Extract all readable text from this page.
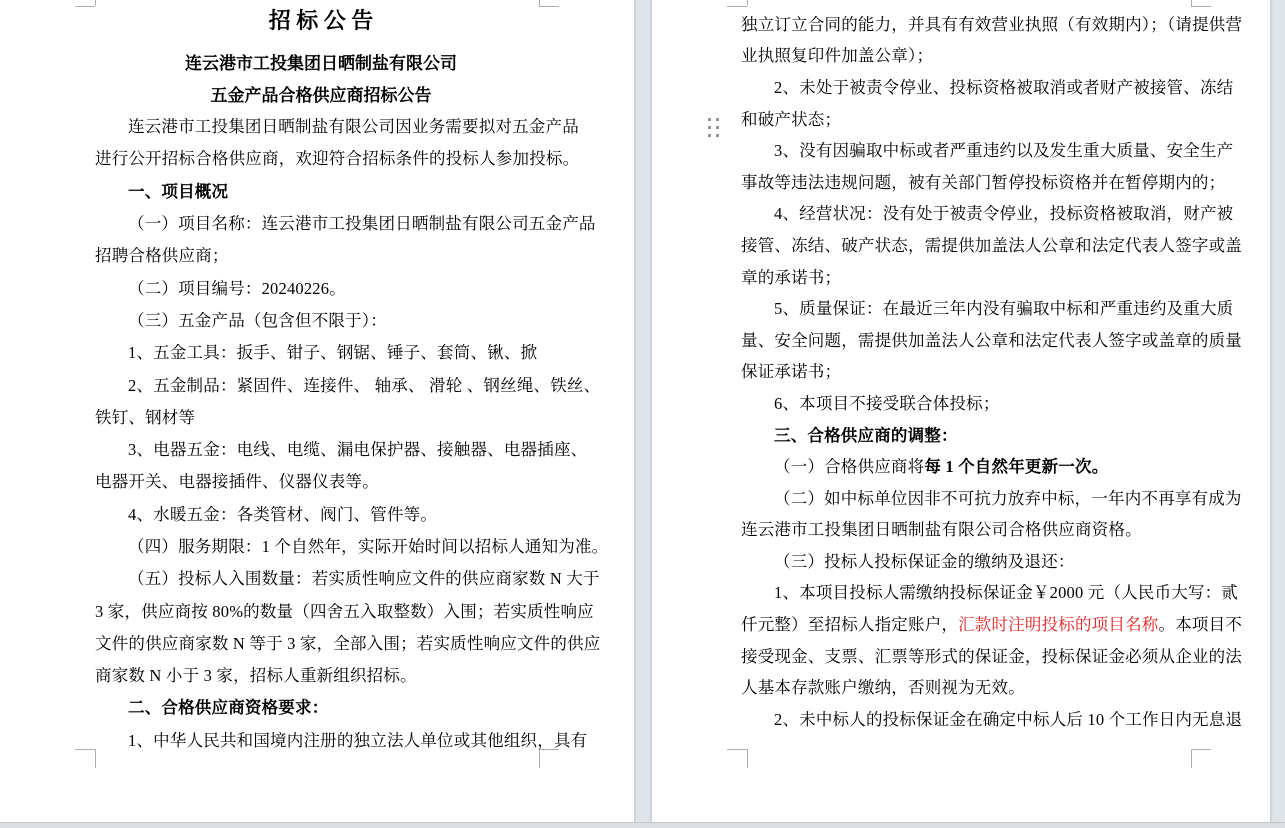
招 标 公 告
连云港市工投集团日晒制盐有限公司
五金产品合格供应商招标公告
连云港市工投集团日晒制盐有限公司因业务需要拟对五金产品
进行公开招标合格供应商，欢迎符合招标条件的投标人参加投标。
一、项目概况
（一）项目名称：连云港市工投集团日晒制盐有限公司五金产品
招聘合格供应商；
（二）项目编号：20240226。
（三）五金产品（包含但不限于）：
1、五金工具：扳手、钳子、钢锯、锤子、套筒、锹、掀
2、五金制品：紧固件、连接件、 轴承、 滑轮 、钢丝绳、铁丝、
铁钉、钢材等
3、电器五金：电线、电缆、漏电保护器、接触器、电器插座、
电器开关、电器接插件、仪器仪表等。
4、水暖五金：各类管材、阀门、管件等。
（四）服务期限：1 个自然年，实际开始时间以招标人通知为准。
（五）投标人入围数量：若实质性响应文件的供应商家数 N 大于
3 家，供应商按 80%的数量（四舍五入取整数）入围；若实质性响应
文件的供应商家数 N 等于 3 家，全部入围；若实质性响应文件的供应
商家数 N 小于 3 家，招标人重新组织招标。
二、合格供应商资格要求：
1、中华人民共和国境内注册的独立法人单位或其他组织，具有
独立订立合同的能力，并具有有效营业执照（有效期内）；（请提供营
业执照复印件加盖公章）；
2、未处于被责令停业、投标资格被取消或者财产被接管、冻结
和破产状态；
3、没有因骗取中标或者严重违约以及发生重大质量、安全生产
事故等违法违规问题，被有关部门暂停投标资格并在暂停期内的；
4、经营状况：没有处于被责令停业，投标资格被取消，财产被
接管、冻结、破产状态，需提供加盖法人公章和法定代表人签字或盖
章的承诺书；
5、质量保证：在最近三年内没有骗取中标和严重违约及重大质
量、安全问题，需提供加盖法人公章和法定代表人签字或盖章的质量
保证承诺书；
6、本项目不接受联合体投标；
三、合格供应商的调整：
（一）合格供应商将 每 1 个自然年更新一次。
（二）如中标单位因非不可抗力放弃中标，一年内不再享有成为
连云港市工投集团日晒制盐有限公司合格供应商资格。
（三）投标人投标保证金的缴纳及退还：
1、本项目投标人需缴纳投标保证金￥2000 元（人民币大写：贰
仟元整）至招标人指定账户， 汇款时注明投标的项目名称 。本项目不
接受现金、支票、汇票等形式的保证金，投标保证金必须从企业的法
人基本存款账户缴纳，否则视为无效。
2、未中标人的投标保证金在确定中标人后 10 个工作日内无息退
